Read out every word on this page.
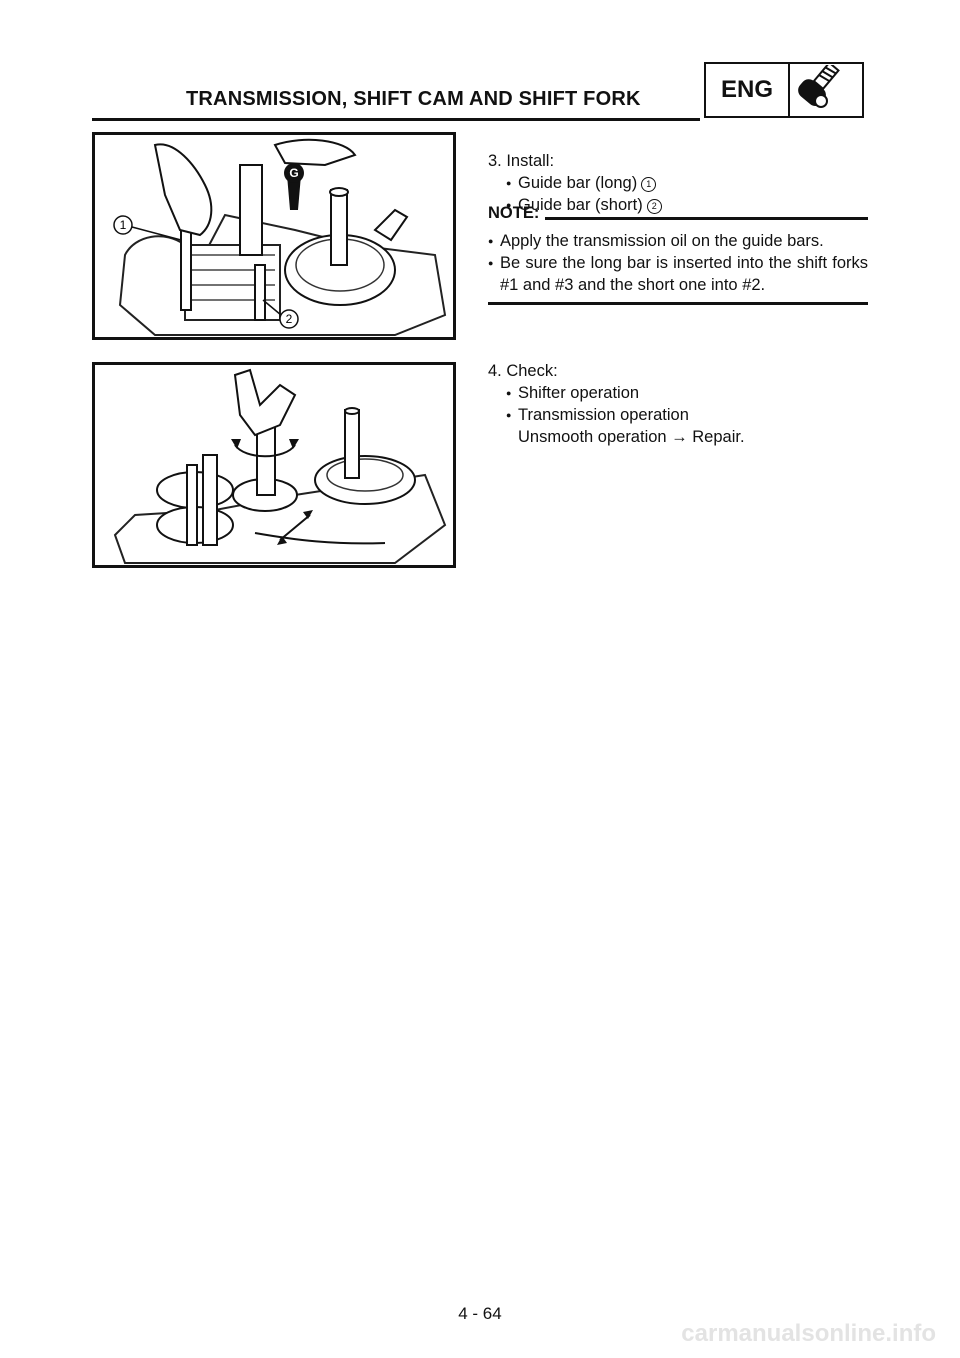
TRANSMISSION, SHIFT CAM AND SHIFT FORK	ENG
G
1
2

3. Install:

● Guide bar (long) 1

● Guide bar (short) 2

NOTE:

● Apply the transmission oil on the guide bars.

● Be sure the long bar is inserted into the shift forks #1 and #3 and the short one into #2.

4. Check:

● Shifter operation

● Transmission operation

Unsmooth operation → Repair.

4 - 64
carmanualsonline.info
